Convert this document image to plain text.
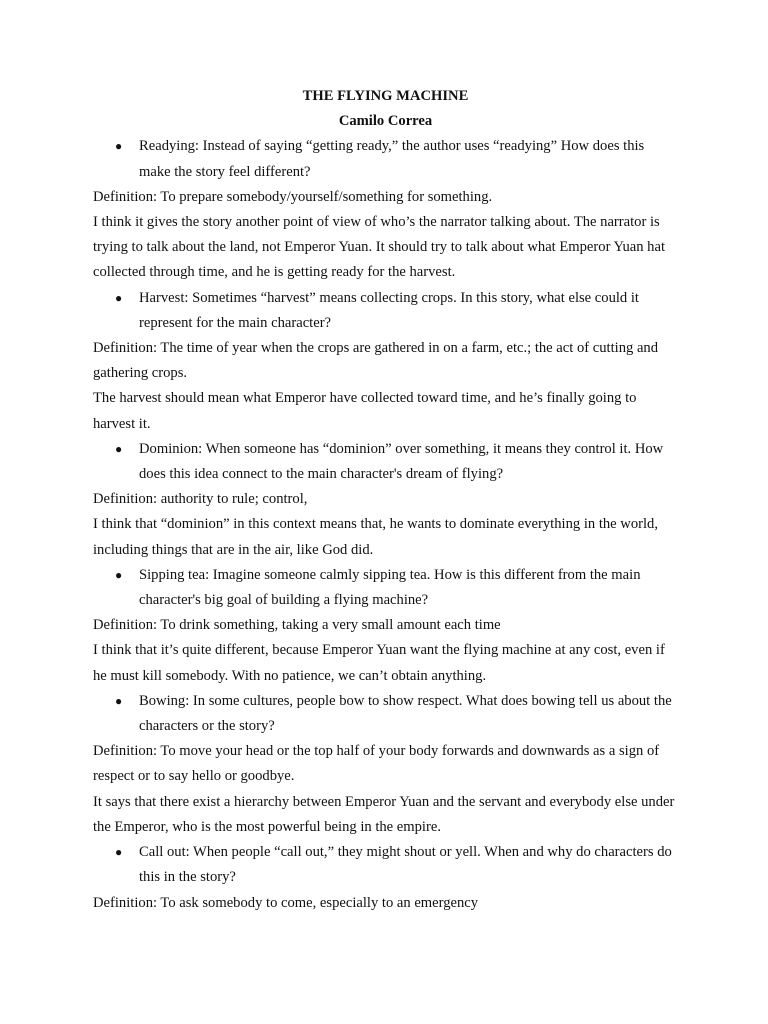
THE FLYING MACHINE

Camilo Correa

● Readying: Instead of saying “getting ready,” the author uses “readying” How does this make the story feel different?

Definition: To prepare somebody/yourself/something for something.

I think it gives the story another point of view of who’s the narrator talking about. The narrator is trying to talk about the land, not Emperor Yuan. It should try to talk about what Emperor Yuan hat collected through time, and he is getting ready for the harvest.

● Harvest: Sometimes “harvest” means collecting crops. In this story, what else could it represent for the main character?

Definition: The time of year when the crops are gathered in on a farm, etc.; the act of cutting and gathering crops.

The harvest should mean what Emperor have collected toward time, and he’s finally going to harvest it.

● Dominion: When someone has “dominion” over something, it means they control it. How does this idea connect to the main character's dream of flying?

Definition: authority to rule; control,

I think that “dominion” in this context means that, he wants to dominate everything in the world, including things that are in the air, like God did.

● Sipping tea: Imagine someone calmly sipping tea. How is this different from the main character's big goal of building a flying machine?

Definition: To drink something, taking a very small amount each time

I think that it’s quite different, because Emperor Yuan want the flying machine at any cost, even if he must kill somebody. With no patience, we can’t obtain anything.

● Bowing: In some cultures, people bow to show respect. What does bowing tell us about the characters or the story?

Definition: To move your head or the top half of your body forwards and downwards as a sign of respect or to say hello or goodbye.

It says that there exist a hierarchy between Emperor Yuan and the servant and everybody else under the Emperor, who is the most powerful being in the empire.

● Call out: When people “call out,” they might shout or yell. When and why do characters do this in the story?

Definition: To ask somebody to come, especially to an emergency
